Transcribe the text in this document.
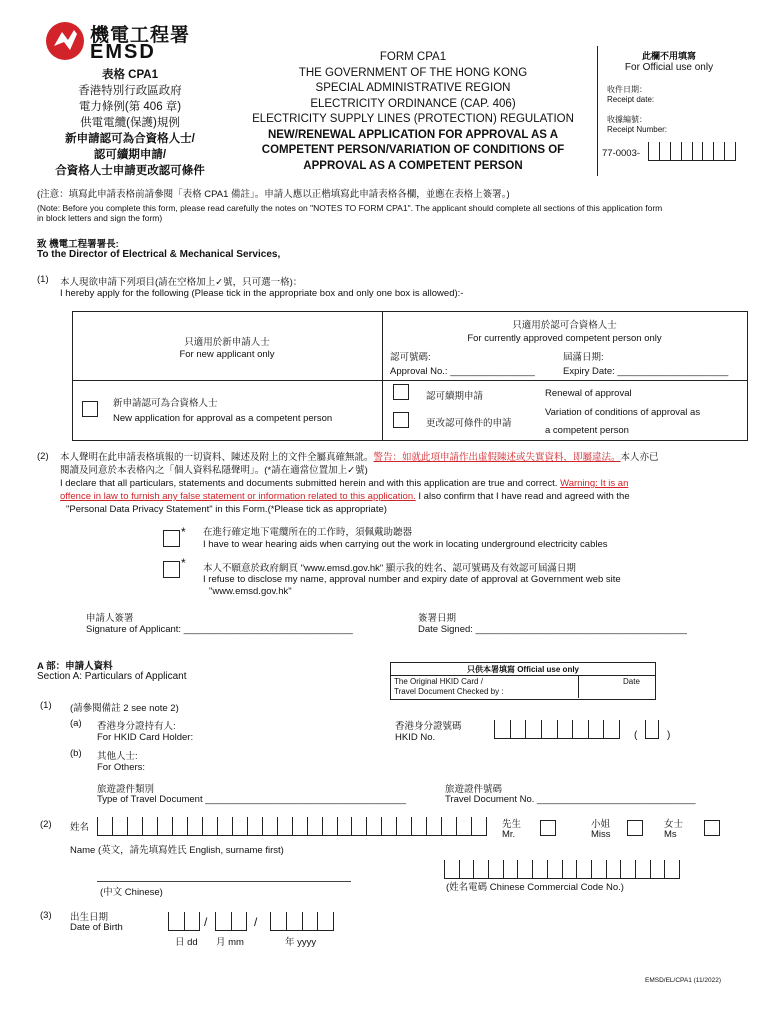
機電工程署
EMSD
表格 CPA1
香港特別行政區政府
電力條例(第 406 章)
供電電纜(保護)規例
新申請認可為合資格人士/
認可續期申請/
合資格人士申請更改認可條件
FORM CPA1
THE GOVERNMENT OF THE HONG KONG
SPECIAL ADMINISTRATIVE REGION
ELECTRICITY ORDINANCE (CAP. 406)
ELECTRICITY SUPPLY LINES (PROTECTION) REGULATION
NEW/RENEWAL APPLICATION FOR APPROVAL AS A
COMPETENT PERSON/VARIATION OF CONDITIONS OF
APPROVAL AS A COMPETENT PERSON
此欄不用填寫
For Official use only
收件日期：
Receipt date:
收據編號：
Receipt Number:
77-0003-
(注意：填寫此申請表格前請參閱「表格 CPA1 備註」。申請人應以正楷填寫此申請表格各欄，並應在表格上簽署。)
(Note: Before you complete this form, please read carefully the notes on "NOTES TO FORM CPA1". The applicant should complete all sections of this application form
in block letters and sign the form)
致 機電工程署署長:
To the Director of Electrical & Mechanical Services,
(1) 本人現欲申請下列項目(請在空格加上✓號，只可選一格)：
I hereby apply for the following (Please tick in the appropriate box and only one box is allowed):-
只適用於新申請人士
For new applicant only
只適用於認可合資格人士
For currently approved competent person only
認可號碼:
Approval No.: ________________
屆滿日期:
Expiry Date: _____________________
新申請認可為合資格人士
New application for approval as a competent person
認可續期申請	Renewal of approval
更改認可條件的申請
Variation of conditions of approval as
a competent person
(2) 本人聲明在此申請表格填報的一切資料、陳述及附上的文件全屬真確無訛。警告：如就此項申請作出虛假陳述或失實資料，即屬違法。本人亦已
閱讀及同意於本表格內之「個人資料私隱聲明」。(*請在適當位置加上✓號)
I declare that all particulars, statements and documents submitted herein and with this application are true and correct. Warning: It is an
offence in law to furnish any false statement or information related to this application. I also confirm that I have read and agreed with the
"Personal Data Privacy Statement" in this Form.(*Please tick as appropriate)
* 在進行確定地下電纜所在的工作時，須佩戴助聽器
I have to wear hearing aids when carrying out the work in locating underground electricity cables
* 本人不願意於政府網頁 "www.emsd.gov.hk" 顯示我的姓名、認可號碼及有效認可屆滿日期
I refuse to disclose my name, approval number and expiry date of approval at Government web site
"www.emsd.gov.hk"
申請人簽署
Signature of Applicant: ________________________________
簽署日期
Date Signed: ________________________________________
A 部：申請人資料
Section A: Particulars of Applicant
只供本署填寫 Official use only
The Original HKID Card /
Travel Document Checked by :
Date
(1) (請參閱備註 2 see note 2)
(a) 香港身分證持有人:
For HKID Card Holder:
香港身分證號碼
HKID No.	(	)
(b) 其他人士:
For Others:
旅遊證件類別
Type of Travel Document ______________________________________
旅遊證件號碼
Travel Document No. ______________________________
(2) 姓名
Name (英文，請先填寫姓氏 English, surname first)
先生
Mr.
小姐
Miss
女士
Ms
(中文 Chinese)	(姓名電碼 Chinese Commercial Code No.)
(3) 出生日期
Date of Birth	/	/
日 dd 月 mm	年 yyyy
EMSD/EL/CPA1 (11/2022)
